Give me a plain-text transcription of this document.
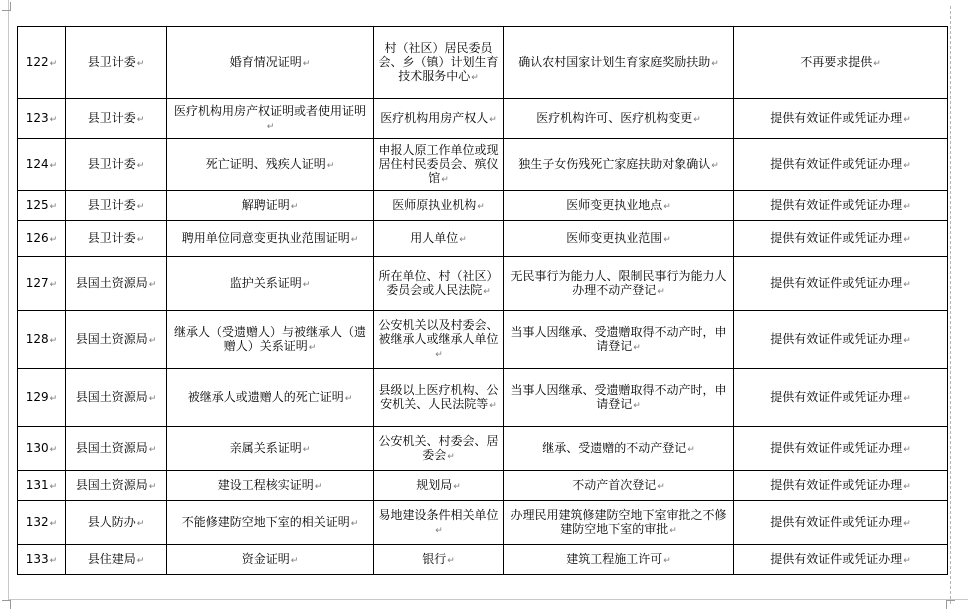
122↵	县卫计委↵	婚育情况证明↵	村（社区）居民委员会、乡（镇）计划生育技术服务中心↵	确认农村国家计划生育家庭奖励扶助↵	不再要求提供↵
123↵	县卫计委↵	医疗机构用房产权证明或者使用证明↵	医疗机构用房产权人↵	医疗机构许可、医疗机构变更↵	提供有效证件或凭证办理↵
124↵	县卫计委↵	死亡证明、残疾人证明↵	申报人原工作单位或现居住村民委员会、殡仪馆↵	独生子女伤残死亡家庭扶助对象确认↵	提供有效证件或凭证办理↵
125↵	县卫计委↵	解聘证明↵	医师原执业机构↵	医师变更执业地点↵	提供有效证件或凭证办理↵
126↵	县卫计委↵	聘用单位同意变更执业范围证明↵	用人单位↵	医师变更执业范围↵	提供有效证件或凭证办理↵
127↵	县国土资源局↵	监护关系证明↵	所在单位、村（社区）委员会或人民法院↵	无民事行为能力人、限制民事行为能力人办理不动产登记↵	提供有效证件或凭证办理↵
128↵	县国土资源局↵	继承人（受遗赠人）与被继承人（遗赠人）关系证明↵	公安机关以及村委会、被继承人或继承人单位↵	当事人因继承、受遗赠取得不动产时，申请登记↵	提供有效证件或凭证办理↵
129↵	县国土资源局↵	被继承人或遗赠人的死亡证明↵	县级以上医疗机构、公安机关、人民法院等↵	当事人因继承、受遗赠取得不动产时，申请登记↵	提供有效证件或凭证办理↵
130↵	县国土资源局↵	亲属关系证明↵	公安机关、村委会、居委会↵	继承、受遗赠的不动产登记↵	提供有效证件或凭证办理↵
131↵	县国土资源局↵	建设工程核实证明↵	规划局↵	不动产首次登记↵	提供有效证件或凭证办理↵
132↵	县人防办↵	不能修建防空地下室的相关证明↵	易地建设条件相关单位↵	办理民用建筑修建防空地下室审批之不修建防空地下室的审批↵	提供有效证件或凭证办理↵
133↵	县住建局↵	资金证明↵	银行↵	建筑工程施工许可↵	提供有效证件或凭证办理↵
